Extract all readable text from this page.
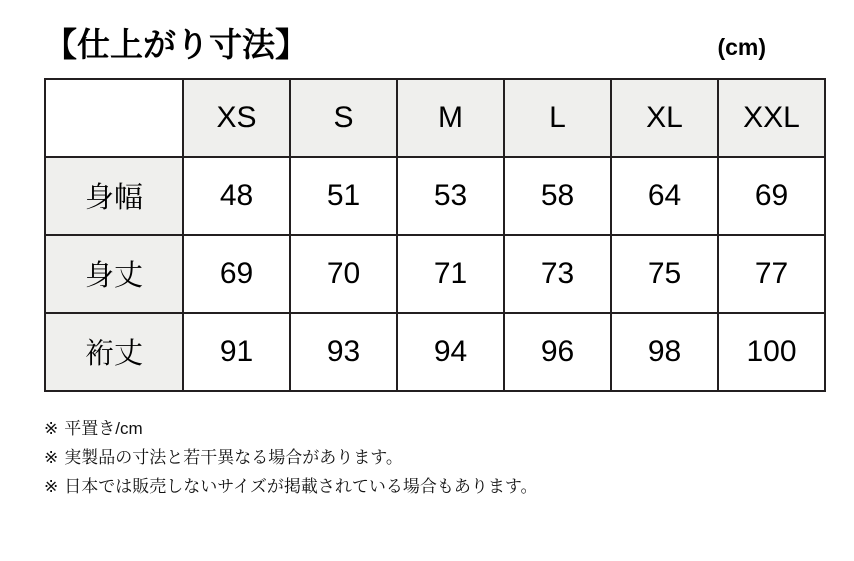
【仕上がり寸法】	(cm)
	XS	S	M	L	XL	XXL
身幅	48	51	53	58	64	69
身丈	69	70	71	73	75	77
裄丈	91	93	94	96	98	100
※ 平置き/cm
※ 実製品の寸法と若干異なる場合があります。
※ 日本では販売しないサイズが掲載されている場合もあります。
